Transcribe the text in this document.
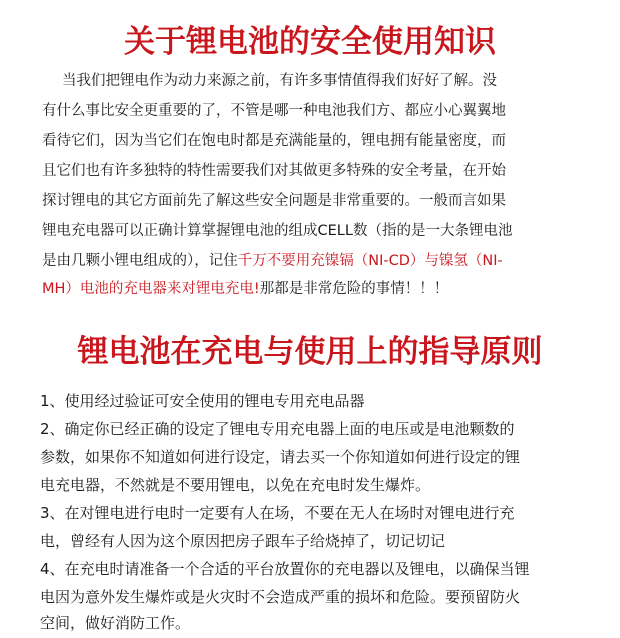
关于锂电池的安全使用知识
当我们把锂电作为动力来源之前，有许多事情值得我们好好了解。没
有什么事比安全更重要的了，不管是哪一种电池我们方、都应小心翼翼地
看待它们，因为当它们在饱电时都是充满能量的，锂电拥有能量密度，而
且它们也有许多独特的特性需要我们对其做更多特殊的安全考量，在开始
探讨锂电的其它方面前先了解这些安全问题是非常重要的。一般而言如果
锂电充电器可以正确计算掌握锂电池的组成CELL数（指的是一大条锂电池
是由几颗小锂电组成的），记住千万不要用充镍镉（NI-CD）与镍氢（NI-
MH）电池的充电器来对锂电充电!那都是非常危险的事情！！！
锂电池在充电与使用上的指导原则
1、使用经过验证可安全使用的锂电专用充电品器
2、确定你已经正确的设定了锂电专用充电器上面的电压或是电池颗数的
参数，如果你不知道如何进行设定，请去买一个你知道如何进行设定的锂
电充电器，不然就是不要用锂电，以免在充电时发生爆炸。
3、在对锂电进行电时一定要有人在场，不要在无人在场时对锂电进行充
电，曾经有人因为这个原因把房子跟车子给烧掉了，切记切记
4、在充电时请准备一个合适的平台放置你的充电器以及锂电，以确保当锂
电因为意外发生爆炸或是火灾时不会造成严重的损坏和危险。要预留防火
空间，做好消防工作。
